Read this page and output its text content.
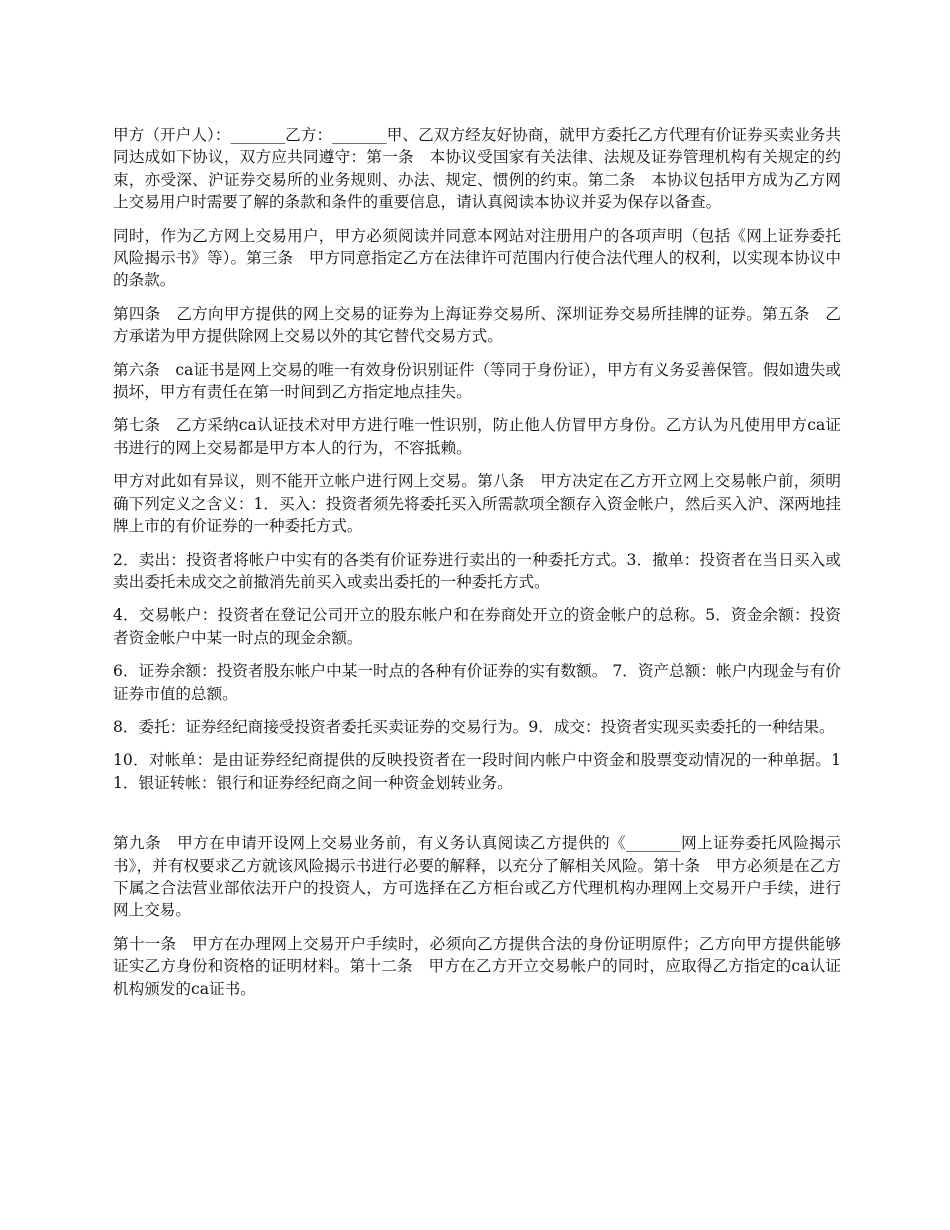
甲方（开户人）：_______乙方：_______甲、乙双方经友好协商，就甲方委托乙方代理有价证券买卖业务共同达成如下协议，双方应共同遵守：第一条　本协议受国家有关法律、法规及证券管理机构有关规定的约束，亦受深、沪证券交易所的业务规则、办法、规定、惯例的约束。第二条　本协议包括甲方成为乙方网上交易用户时需要了解的条款和条件的重要信息，请认真阅读本协议并妥为保存以备查。

同时，作为乙方网上交易用户，甲方必须阅读并同意本网站对注册用户的各项声明（包括《网上证券委托风险揭示书》等）。第三条　甲方同意指定乙方在法律许可范围内行使合法代理人的权利，以实现本协议中的条款。

第四条　乙方向甲方提供的网上交易的证券为上海证券交易所、深圳证券交易所挂牌的证券。第五条　乙方承诺为甲方提供除网上交易以外的其它替代交易方式。

第六条　ca证书是网上交易的唯一有效身份识别证件（等同于身份证），甲方有义务妥善保管。假如遗失或损坏，甲方有责任在第一时间到乙方指定地点挂失。

第七条　乙方采纳ca认证技术对甲方进行唯一性识别，防止他人仿冒甲方身份。乙方认为凡使用甲方ca证书进行的网上交易都是甲方本人的行为，不容抵赖。

甲方对此如有异议，则不能开立帐户进行网上交易。第八条　甲方决定在乙方开立网上交易帐户前，须明确下列定义之含义：1．买入：投资者须先将委托买入所需款项全额存入资金帐户，然后买入沪、深两地挂牌上市的有价证券的一种委托方式。

2．卖出：投资者将帐户中实有的各类有价证券进行卖出的一种委托方式。3．撤单：投资者在当日买入或卖出委托未成交之前撤消先前买入或卖出委托的一种委托方式。

4．交易帐户：投资者在登记公司开立的股东帐户和在券商处开立的资金帐户的总称。5．资金余额：投资者资金帐户中某一时点的现金余额。

6．证券余额：投资者股东帐户中某一时点的各种有价证券的实有数额。 7．资产总额：帐户内现金与有价证券市值的总额。

8．委托：证券经纪商接受投资者委托买卖证券的交易行为。9．成交：投资者实现买卖委托的一种结果。

10．对帐单：是由证券经纪商提供的反映投资者在一段时间内帐户中资金和股票变动情况的一种单据。11．银证转帐：银行和证券经纪商之间一种资金划转业务。

第九条　甲方在申请开设网上交易业务前，有义务认真阅读乙方提供的《_______网上证券委托风险揭示书》，并有权要求乙方就该风险揭示书进行必要的解释，以充分了解相关风险。第十条　甲方必须是在乙方下属之合法营业部依法开户的投资人，方可选择在乙方柜台或乙方代理机构办理网上交易开户手续，进行网上交易。

第十一条　甲方在办理网上交易开户手续时，必须向乙方提供合法的身份证明原件；乙方向甲方提供能够证实乙方身份和资格的证明材料。第十二条　甲方在乙方开立交易帐户的同时，应取得乙方指定的ca认证机构颁发的ca证书。
